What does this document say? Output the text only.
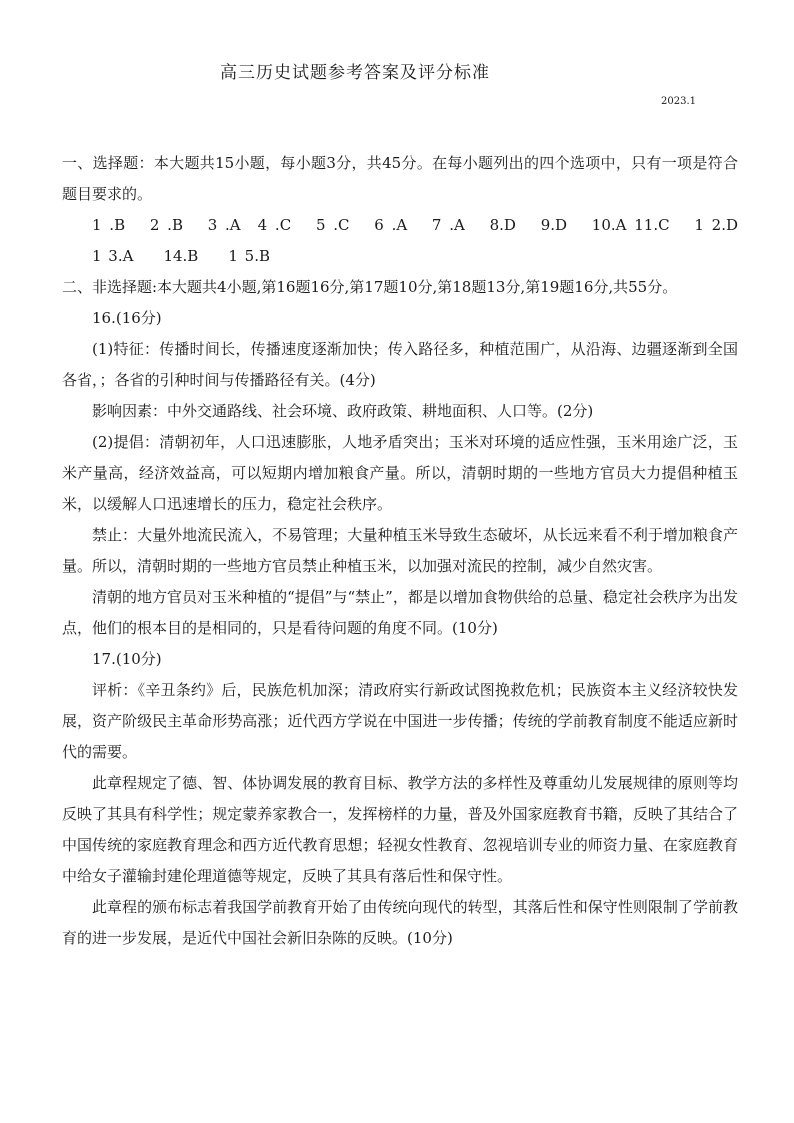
高三历史试题参考答案及评分标准
2023.1

一、选择题：本大题共15小题，每小题3分，共45分。在每小题列出的四个选项中，只有一项是符合题目要求的。

1 .B　 2 .B　 3 .A　4 .C　 5 .C　 6 .A　 7 .A　 8.D　 9.D　 10.A 11.C　 1 2.D　　1 3.A　　14.B　　1 5.B

二、非选择题:本大题共4小题,第16题16分,第17题10分,第18题13分,第19题16分,共55分。

16.(16分)

(1)特征：传播时间长，传播速度逐渐加快；传入路径多，种植范围广，从沿海、边疆逐渐到全国各省，；各省的引种时间与传播路径有关。(4分)

影响因素：中外交通路线、社会环境、政府政策、耕地面积、人口等。(2分)

(2)提倡：清朝初年，人口迅速膨胀，人地矛盾突出；玉米对环境的适应性强，玉米用途广泛，玉米产量高，经济效益高，可以短期内增加粮食产量。所以，清朝时期的一些地方官员大力提倡种植玉米，以缓解人口迅速增长的压力，稳定社会秩序。

禁止：大量外地流民流入，不易管理；大量种植玉米导致生态破坏，从长远来看不利于增加粮食产量。所以，清朝时期的一些地方官员禁止种植玉米，以加强对流民的控制，减少自然灾害。

清朝的地方官员对玉米种植的“提倡”与“禁止”，都是以增加食物供给的总量、稳定社会秩序为出发点，他们的根本目的是相同的，只是看待问题的角度不同。(10分)

17.(10分)

评析：《辛丑条约》后，民族危机加深；清政府实行新政试图挽救危机；民族资本主义经济较快发展，资产阶级民主革命形势高涨；近代西方学说在中国进一步传播；传统的学前教育制度不能适应新时代的需要。

此章程规定了德、智、体协调发展的教育目标、教学方法的多样性及尊重幼儿发展规律的原则等均反映了其具有科学性；规定蒙养家教合一，发挥榜样的力量，普及外国家庭教育书籍，反映了其结合了中国传统的家庭教育理念和西方近代教育思想；轻视女性教育、忽视培训专业的师资力量、在家庭教育中给女子灌输封建伦理道德等规定，反映了其具有落后性和保守性。

此章程的颁布标志着我国学前教育开始了由传统向现代的转型，其落后性和保守性则限制了学前教育的进一步发展，是近代中国社会新旧杂陈的反映。(10分)
